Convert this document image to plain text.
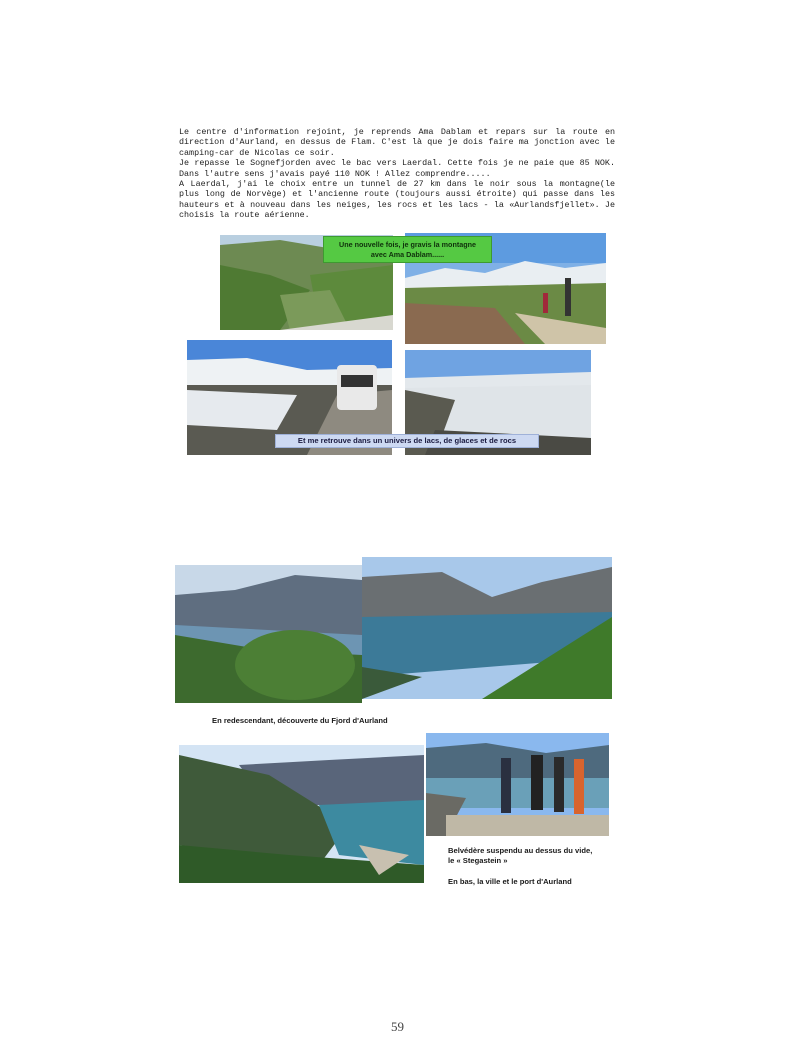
Le centre d'information rejoint, je reprends Ama Dablam et repars sur la route en direction d'Aurland, en dessus de Flam. C'est là que je dois faire ma jonction avec le camping-car de Nicolas ce soir.

Je repasse le Sognefjorden avec le bac vers Laerdal. Cette fois je ne paie que 85 NOK. Dans l'autre sens j'avais payé 110 NOK ! Allez comprendre.....

A Laerdal, j'ai le choix entre un tunnel de 27 km dans le noir sous la montagne(le plus long de Norvège) et l'ancienne route (toujours aussi étroite) qui passe dans les hauteurs et à nouveau dans les neiges, les rocs et les lacs - la «Aurlandsfjellet». Je choisis la route aérienne.

Une nouvelle fois, je gravis la montagne
avec Ama Dablam......
Et me retrouve dans un univers de lacs, de glaces et de rocs
En redescendant, découverte du Fjord d'Aurland
Belvédère suspendu au dessus du vide,
le « Stegastein »
En bas, la ville et le port d'Aurland
59
